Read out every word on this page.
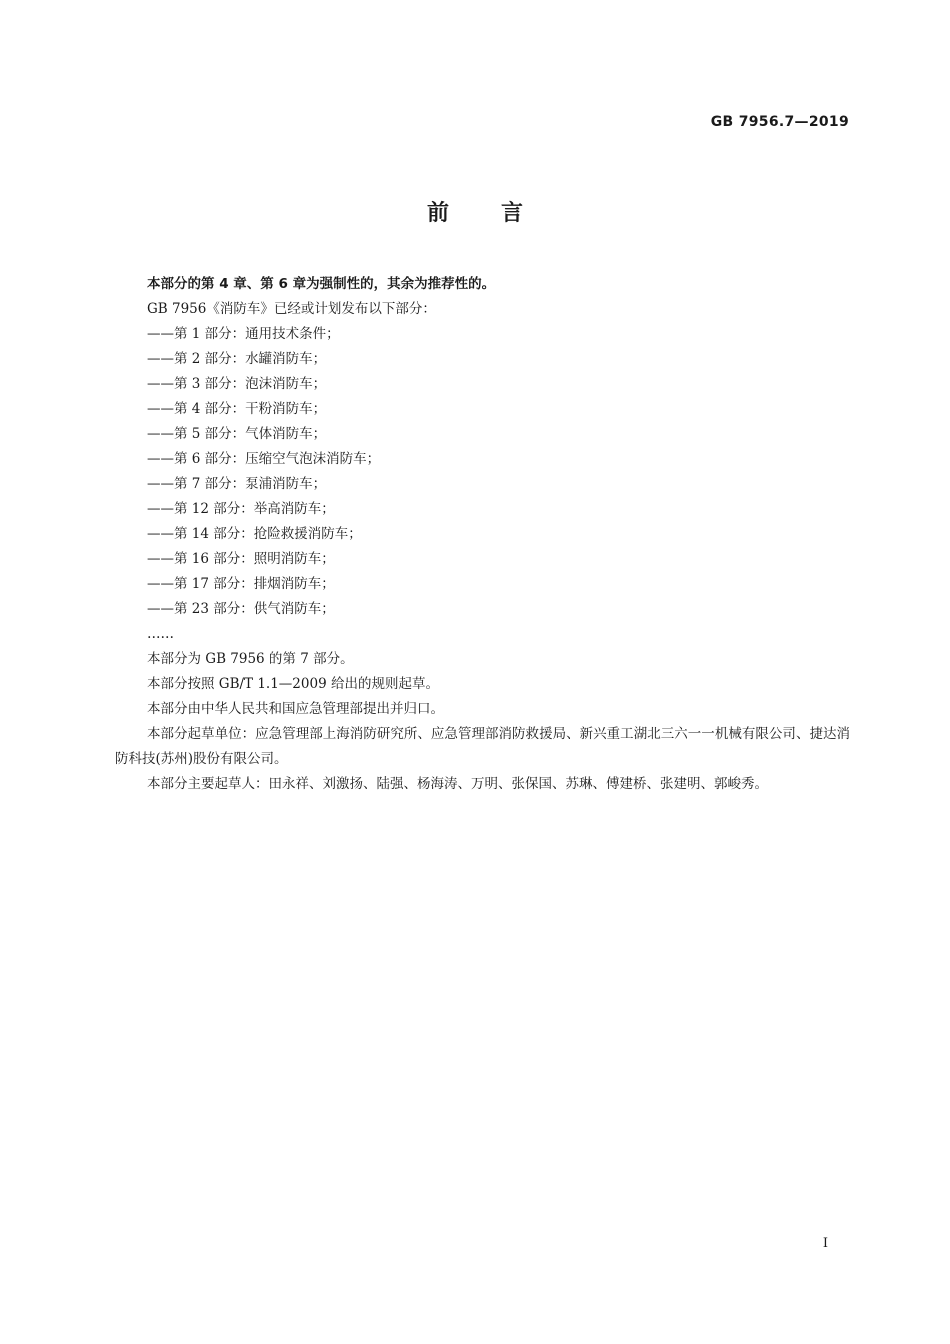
GB 7956.7—2019
前言
本部分的第 4 章、第 6 章为强制性的，其余为推荐性的。
GB 7956《消防车》已经或计划发布以下部分：
——第 1 部分：通用技术条件；
——第 2 部分：水罐消防车；
——第 3 部分：泡沫消防车；
——第 4 部分：干粉消防车；
——第 5 部分：气体消防车；
——第 6 部分：压缩空气泡沫消防车；
——第 7 部分：泵浦消防车；
——第 12 部分：举高消防车；
——第 14 部分：抢险救援消防车；
——第 16 部分：照明消防车；
——第 17 部分：排烟消防车；
——第 23 部分：供气消防车；
……
本部分为 GB 7956 的第 7 部分。
本部分按照 GB/T 1.1—2009 给出的规则起草。
本部分由中华人民共和国应急管理部提出并归口。
本部分起草单位：应急管理部上海消防研究所、应急管理部消防救援局、新兴重工湖北三六一一机械有限公司、捷达消防科技(苏州)股份有限公司。
本部分主要起草人：田永祥、刘激扬、陆强、杨海涛、万明、张保国、苏琳、傅建桥、张建明、郭峻秀。
I
